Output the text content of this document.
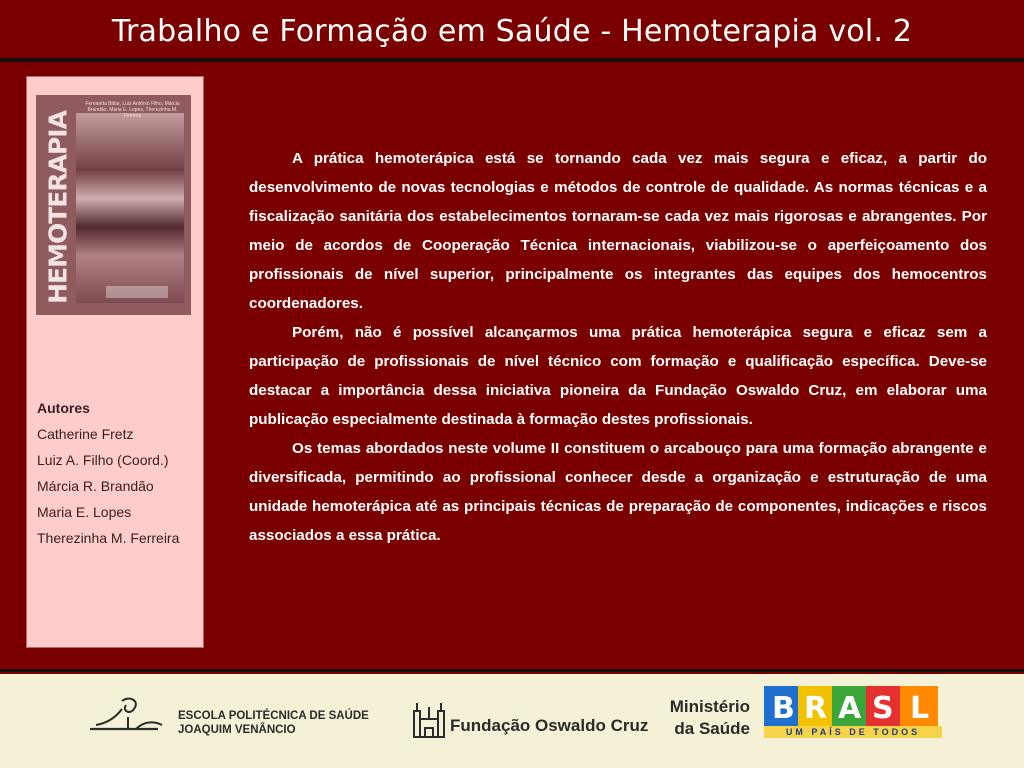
Trabalho e Formação em Saúde - Hemoterapia vol. 2
Fernanda Bittar, Luiz Antônio Filho, Márcia Brandão, Maria E. Lopes, Therezinha M. Ferreira
HEMOTERAPIA
Autores
Catherine Fretz
Luiz A. Filho (Coord.)
Márcia R. Brandão
Maria E. Lopes
Therezinha M. Ferreira

A prática hemoterápica está se tornando cada vez mais segura e eficaz, a partir do desenvolvimento de novas tecnologias e métodos de controle de qualidade. As normas técnicas e a fiscalização sanitária dos estabelecimentos tornaram-se cada vez mais rigorosas e abrangentes. Por meio de acordos de Cooperação Técnica internacionais, viabilizou-se o aperfeiçoamento dos profissionais de nível superior, principalmente os integrantes das equipes dos hemocentros coordenadores.

Porém, não é possível alcançarmos uma prática hemoterápica segura e eficaz sem a participação de profissionais de nível técnico com formação e qualificação específica. Deve-se destacar a importância dessa iniciativa pioneira da Fundação Oswaldo Cruz, em elaborar uma publicação especialmente destinada à formação destes profissionais.

Os temas abordados neste volume II constituem o arcabouço para uma formação abrangente e diversificada, permitindo ao profissional conhecer desde a organização e estruturação de uma unidade hemoterápica até as principais técnicas de preparação de componentes, indicações e riscos associados a essa prática.

ESCOLA POLITÉCNICA DE SAÚDE
JOAQUIM VENÂNCIO	Fundação Oswaldo Cruz
Ministério
da Saúde
B R A S L
UM PAÍS DE TODOS
